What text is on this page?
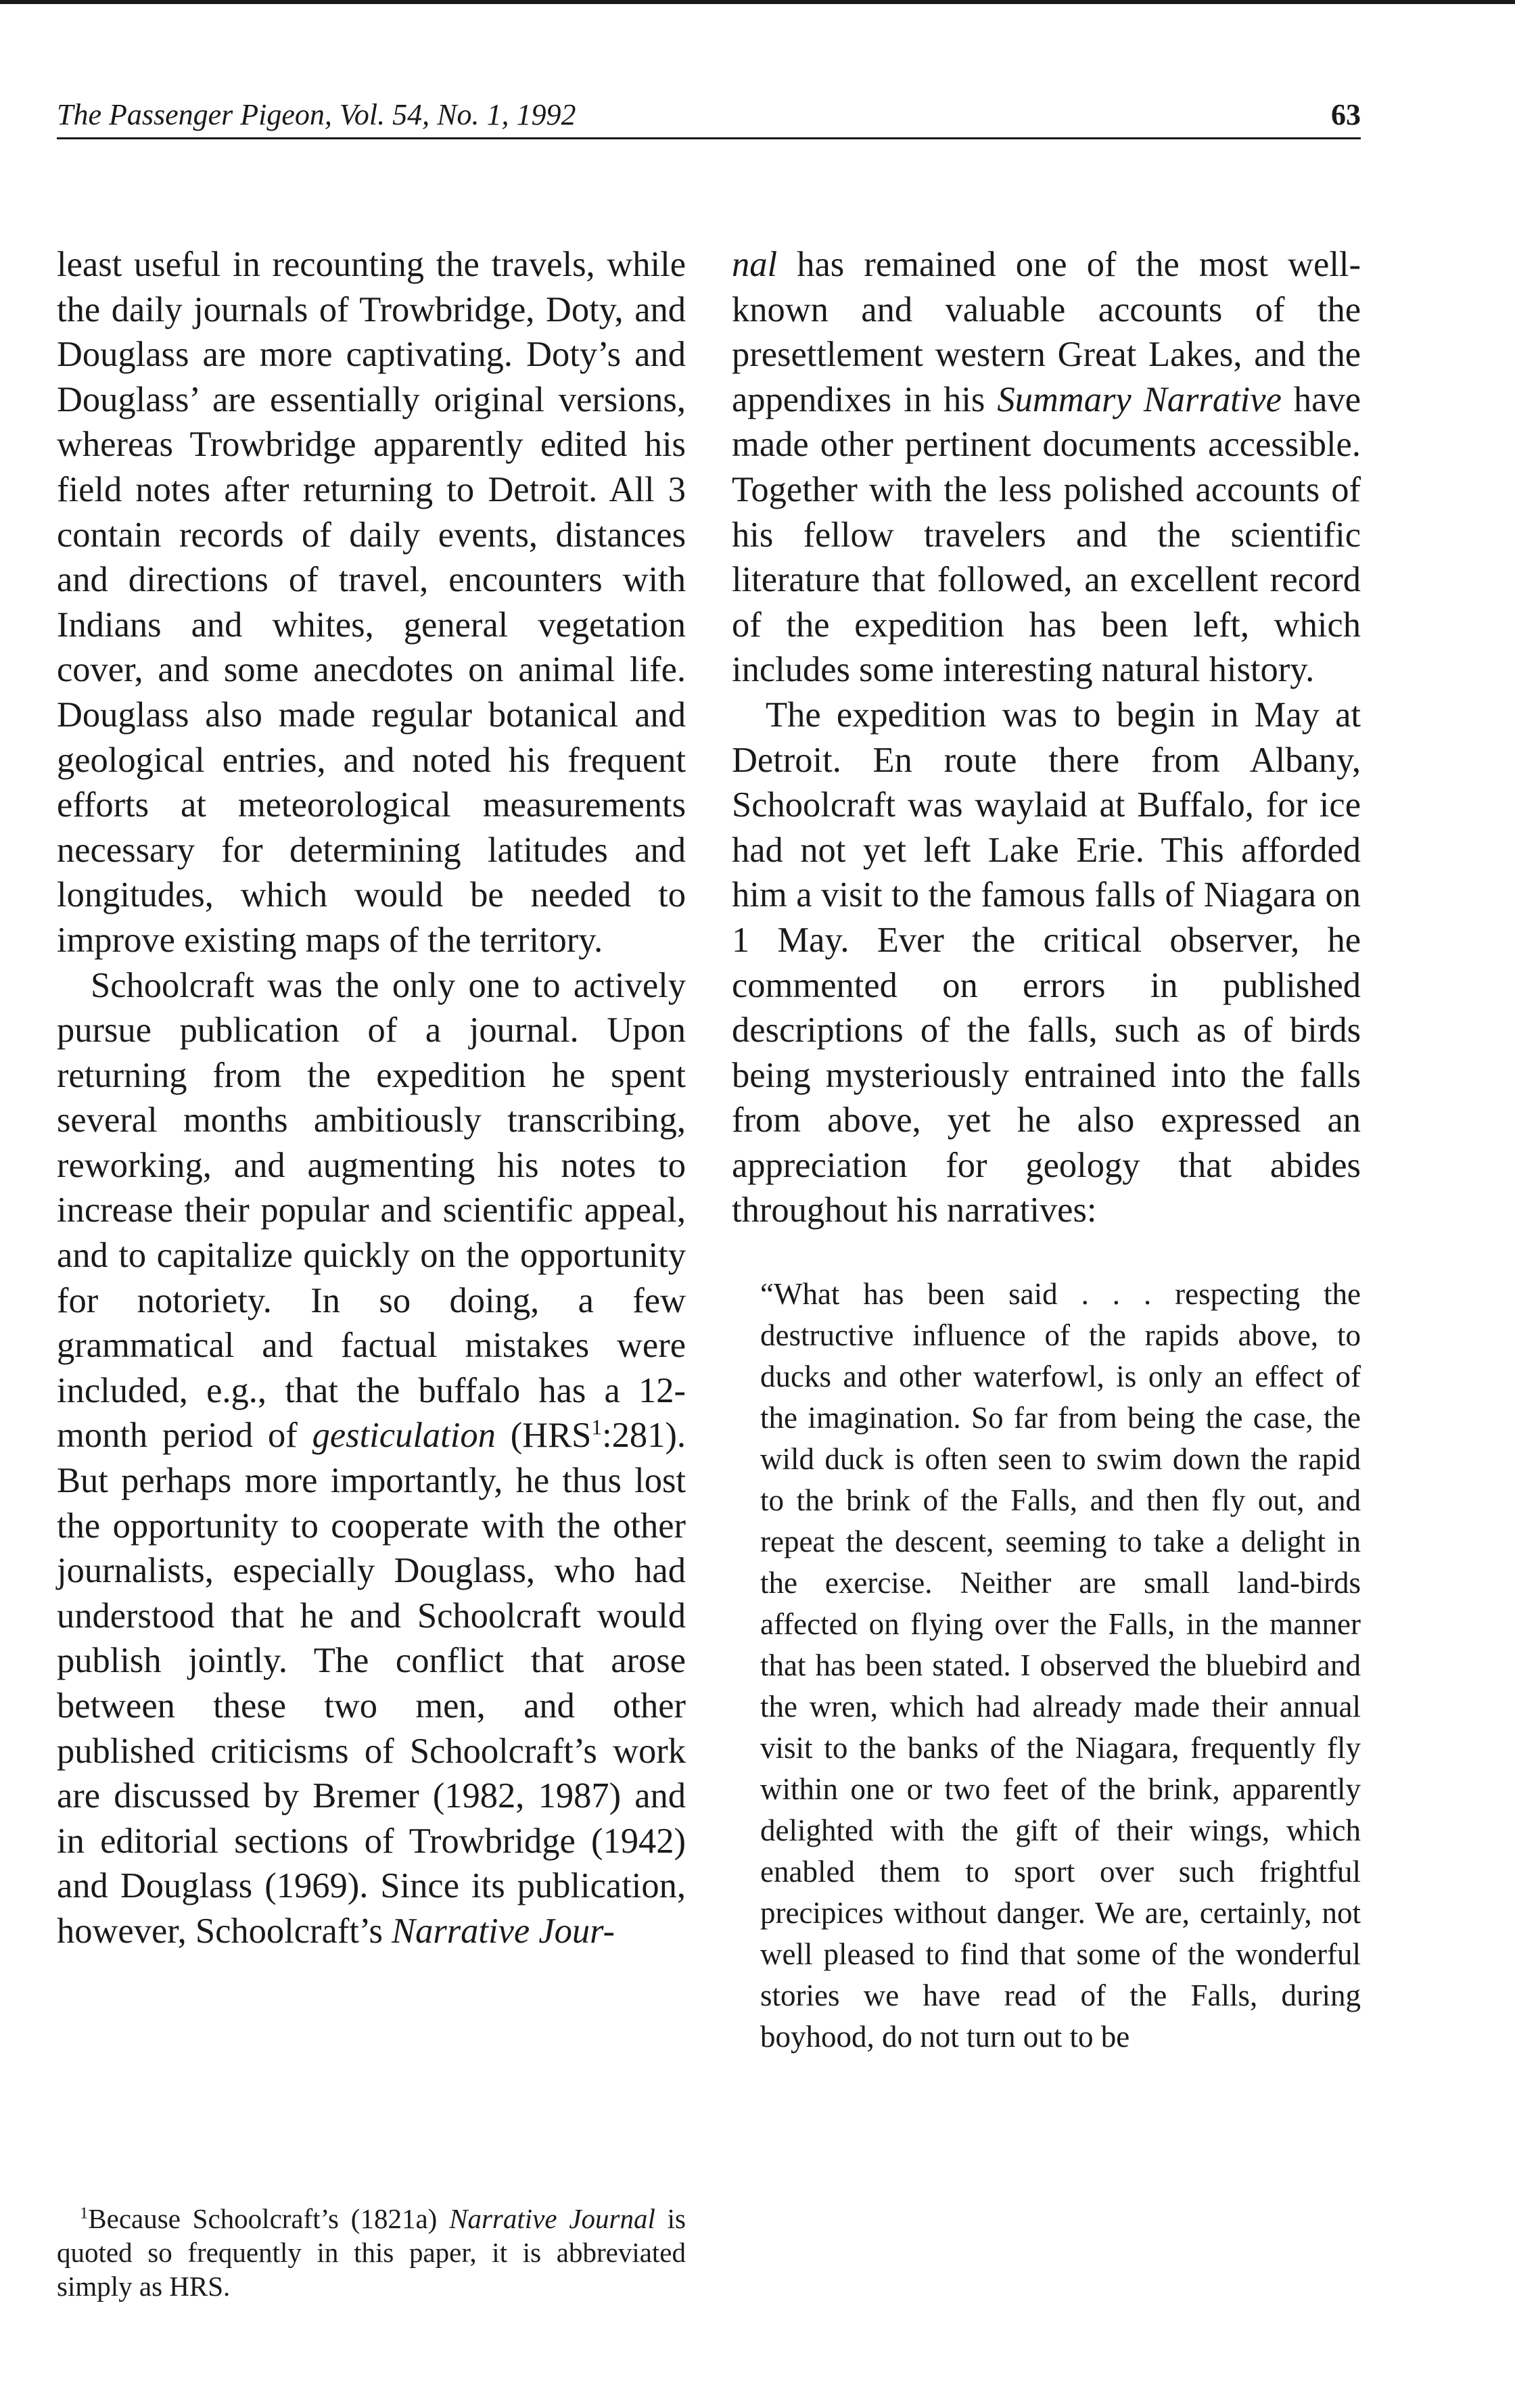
The Passenger Pigeon, Vol. 54, No. 1, 1992	63

least useful in recounting the travels, while the daily journals of Trowbridge, Doty, and Douglass are more captivating. Doty’s and Douglass’ are essentially original versions, whereas Trowbridge apparently edited his field notes after returning to Detroit. All 3 contain records of daily events, distances and directions of travel, encounters with Indians and whites, general vegetation cover, and some anecdotes on animal life. Douglass also made regular botanical and geological entries, and noted his frequent efforts at meteorological measurements necessary for determining latitudes and longitudes, which would be needed to improve existing maps of the territory.

Schoolcraft was the only one to actively pursue publication of a journal. Upon returning from the expedition he spent several months ambitiously transcribing, reworking, and augmenting his notes to increase their popular and scientific appeal, and to capitalize quickly on the opportunity for notoriety. In so doing, a few grammatical and factual mistakes were included, e.g., that the buffalo has a 12-month period of gesticulation (HRS$^1$:281). But perhaps more importantly, he thus lost the opportunity to cooperate with the other journalists, especially Douglass, who had understood that he and Schoolcraft would publish jointly. The conflict that arose between these two men, and other published criticisms of Schoolcraft’s work are discussed by Bremer (1982, 1987) and in editorial sections of Trowbridge (1942) and Douglass (1969). Since its publication, however, Schoolcraft’s Narrative Jour-

nal has remained one of the most well-known and valuable accounts of the presettlement western Great Lakes, and the appendixes in his Summary Narrative have made other pertinent documents accessible. Together with the less polished accounts of his fellow travelers and the scientific literature that followed, an excellent record of the expedition has been left, which includes some interesting natural history.

The expedition was to begin in May at Detroit. En route there from Albany, Schoolcraft was waylaid at Buffalo, for ice had not yet left Lake Erie. This afforded him a visit to the famous falls of Niagara on 1 May. Ever the critical observer, he commented on errors in published descriptions of the falls, such as of birds being mysteriously entrained into the falls from above, yet he also expressed an appreciation for geology that abides throughout his narratives:

“What has been said . . . respecting the destructive influence of the rapids above, to ducks and other waterfowl, is only an effect of the imagination. So far from being the case, the wild duck is often seen to swim down the rapid to the brink of the Falls, and then fly out, and repeat the descent, seeming to take a delight in the exercise. Neither are small land-birds affected on flying over the Falls, in the manner that has been stated. I observed the bluebird and the wren, which had already made their annual visit to the banks of the Niagara, frequently fly within one or two feet of the brink, apparently delighted with the gift of their wings, which enabled them to sport over such frightful precipices without danger. We are, certainly, not well pleased to find that some of the wonderful stories we have read of the Falls, during boyhood, do not turn out to be

$^1$Because Schoolcraft’s (1821a) Narrative Journal is quoted so frequently in this paper, it is abbreviated simply as HRS.
